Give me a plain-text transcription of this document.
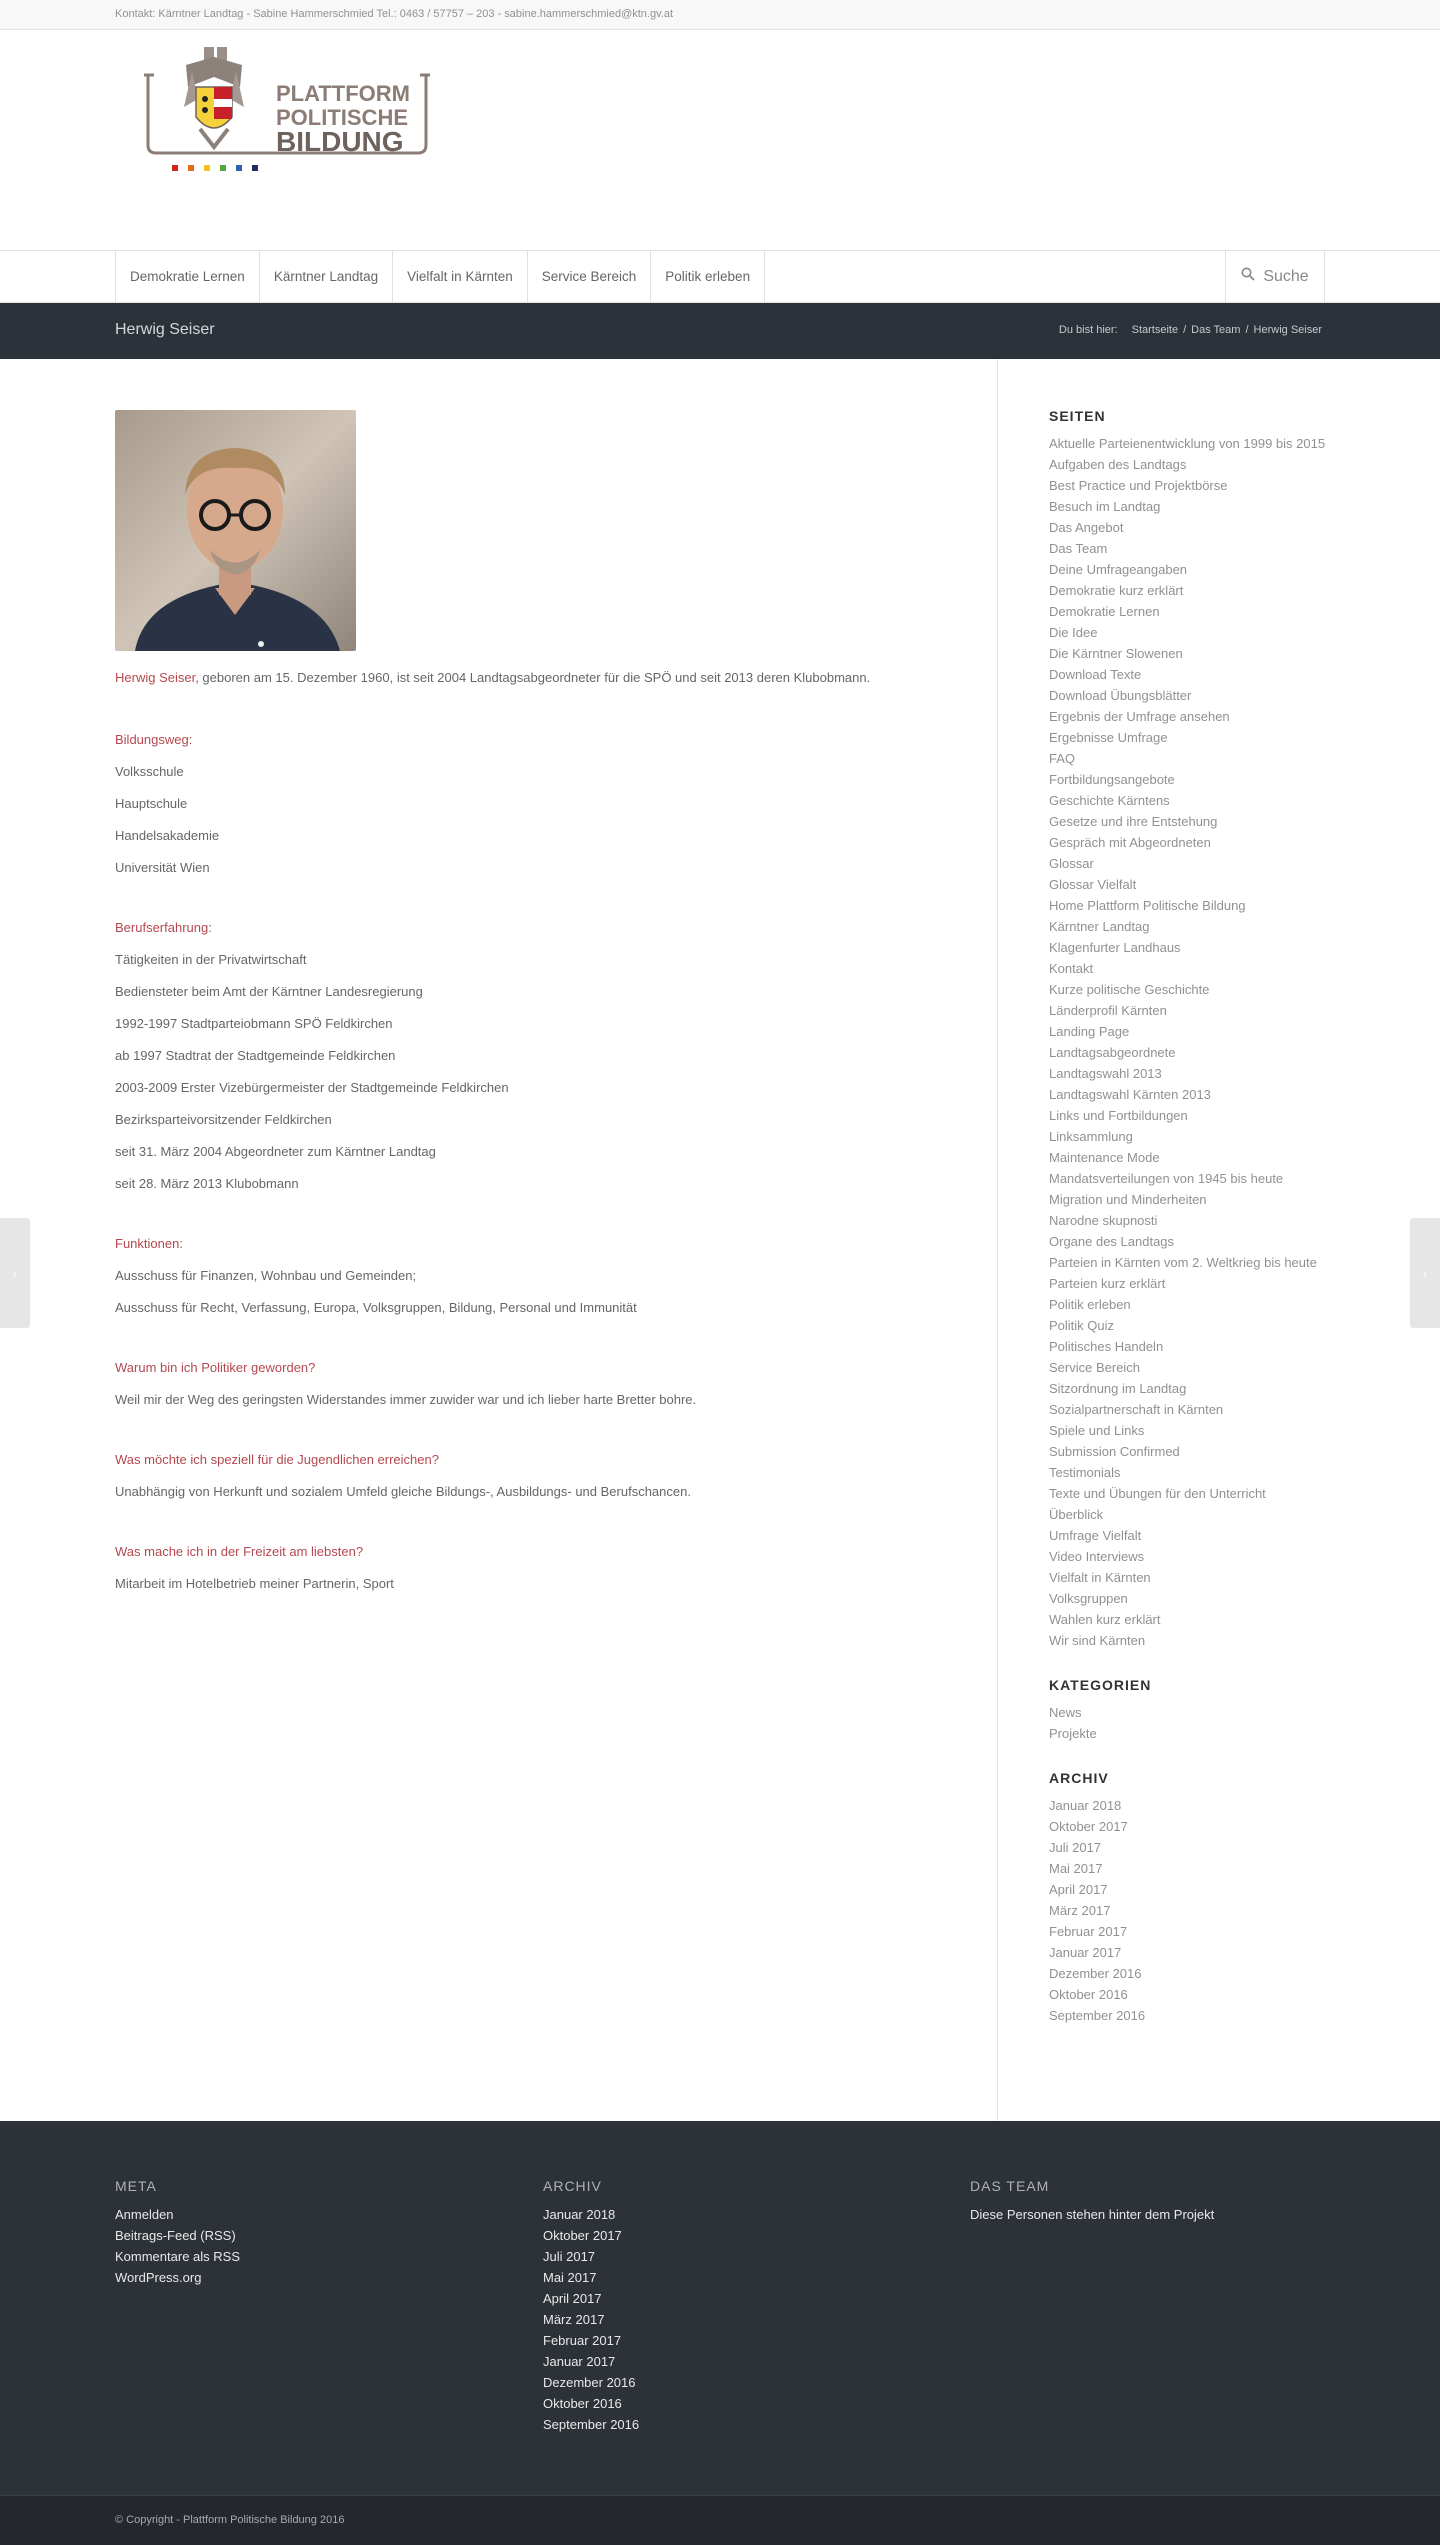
Kontakt: Kärntner Landtag - Sabine Hammerschmied Tel.: 0463 / 57757 – 203 - sabine.hammerschmied@ktn.gv.at
PLATTFORM
POLITISCHE
BILDUNG
Demokratie Lernen	Kärntner Landtag	Vielfalt in Kärnten	Service Bereich	Politik erleben	Suche
Herwig Seiser	Du bist hier: Startseite / Das Team / Herwig Seiser

Herwig Seiser, geboren am 15. Dezember 1960, ist seit 2004 Landtagsabgeordneter für die SPÖ und seit 2013 deren Klubobmann.

Bildungsweg:

Volksschule

Hauptschule

Handelsakademie

Universität Wien

Berufserfahrung:

Tätigkeiten in der Privatwirtschaft

Bediensteter beim Amt der Kärntner Landesregierung

1992-1997 Stadtparteiobmann SPÖ Feldkirchen

ab 1997 Stadtrat der Stadtgemeinde Feldkirchen

2003-2009 Erster Vizebürgermeister der Stadtgemeinde Feldkirchen

Bezirksparteivorsitzender Feldkirchen

seit 31. März 2004 Abgeordneter zum Kärntner Landtag

seit 28. März 2013 Klubobmann

Funktionen:

Ausschuss für Finanzen, Wohnbau und Gemeinden;

Ausschuss für Recht, Verfassung, Europa, Volksgruppen, Bildung, Personal und Immunität

Warum bin ich Politiker geworden?

Weil mir der Weg des geringsten Widerstandes immer zuwider war und ich lieber harte Bretter bohre.

Was möchte ich speziell für die Jugendlichen erreichen?

Unabhängig von Herkunft und sozialem Umfeld gleiche Bildungs-, Ausbildungs- und Berufschancen.

Was mache ich in der Freizeit am liebsten?

Mitarbeit im Hotelbetrieb meiner Partnerin, Sport

SEITEN
Aktuelle Parteienentwicklung von 1999 bis 2015
Aufgaben des Landtags
Best Practice und Projektbörse
Besuch im Landtag
Das Angebot
Das Team
Deine Umfrageangaben
Demokratie kurz erklärt
Demokratie Lernen
Die Idee
Die Kärntner Slowenen
Download Texte
Download Übungsblätter
Ergebnis der Umfrage ansehen
Ergebnisse Umfrage
FAQ
Fortbildungsangebote
Geschichte Kärntens
Gesetze und ihre Entstehung
Gespräch mit Abgeordneten
Glossar
Glossar Vielfalt
Home Plattform Politische Bildung
Kärntner Landtag
Klagenfurter Landhaus
Kontakt
Kurze politische Geschichte
Länderprofil Kärnten
Landing Page
Landtagsabgeordnete
Landtagswahl 2013
Landtagswahl Kärnten 2013
Links und Fortbildungen
Linksammlung
Maintenance Mode
Mandatsverteilungen von 1945 bis heute
Migration und Minderheiten
Narodne skupnosti
Organe des Landtags
Parteien in Kärnten vom 2. Weltkrieg bis heute
Parteien kurz erklärt
Politik erleben
Politik Quiz
Politisches Handeln
Service Bereich
Sitzordnung im Landtag
Sozialpartnerschaft in Kärnten
Spiele und Links
Submission Confirmed
Testimonials
Texte und Übungen für den Unterricht
Überblick
Umfrage Vielfalt
Video Interviews
Vielfalt in Kärnten
Volksgruppen
Wahlen kurz erklärt
Wir sind Kärnten
KATEGORIEN
News
Projekte
ARCHIV
Januar 2018
Oktober 2017
Juli 2017
Mai 2017
April 2017
März 2017
Februar 2017
Januar 2017
Dezember 2016
Oktober 2016
September 2016
‹	›
META
Anmelden
Beitrags-Feed (RSS)
Kommentare als RSS
WordPress.org
ARCHIV
Januar 2018
Oktober 2017
Juli 2017
Mai 2017
April 2017
März 2017
Februar 2017
Januar 2017
Dezember 2016
Oktober 2016
September 2016
DAS TEAM

Diese Personen stehen hinter dem Projekt

© Copyright - Plattform Politische Bildung 2016
